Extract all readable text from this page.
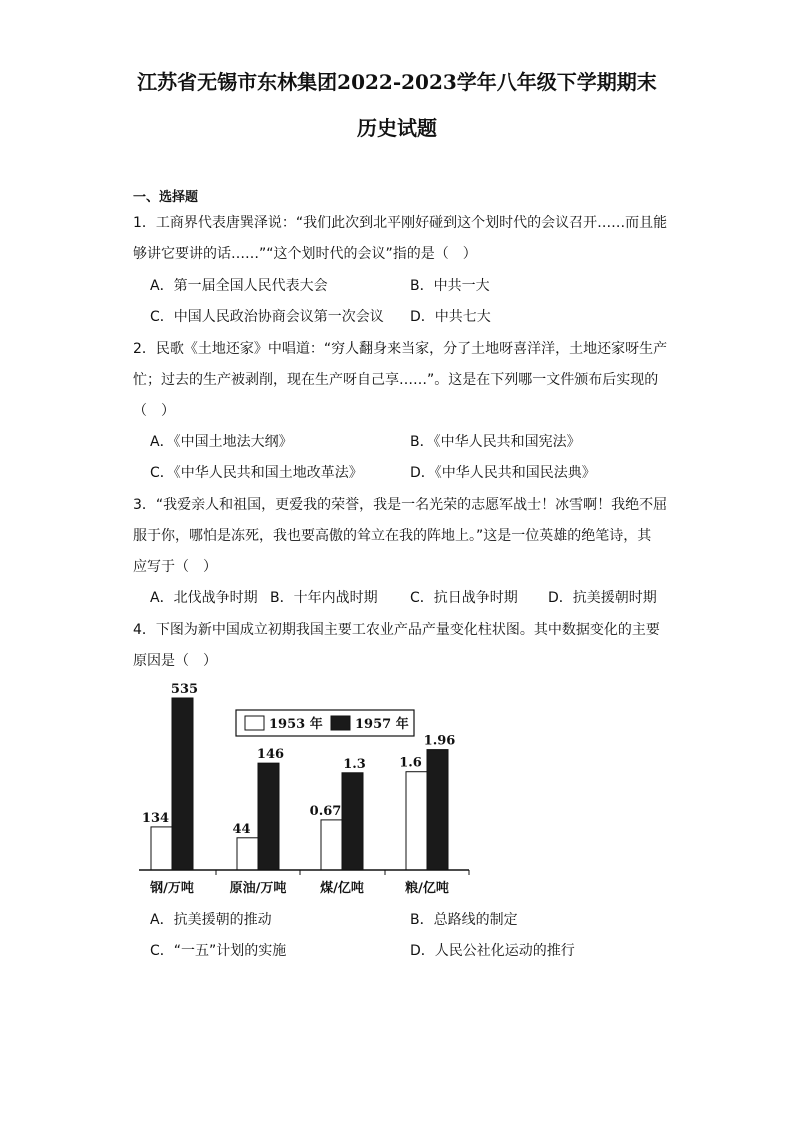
江苏省无锡市东林集团2022-2023学年八年级下学期期末
历史试题
一、选择题
1．工商界代表唐巽泽说：“我们此次到北平刚好碰到这个划时代的会议召开……而且能
够讲它要讲的话……”“这个划时代的会议”指的是（　）
A．第一届全国人民代表大会	B．中共一大
C．中国人民政治协商会议第一次会议 D．中共七大
2．民歌《土地还家》中唱道：“穷人翻身来当家，分了土地呀喜洋洋，土地还家呀生产
忙；过去的生产被剥削，现在生产呀自己享……”。这是在下列哪一文件颁布后实现的
（　）
A．《中国土地法大纲》	B．《中华人民共和国宪法》
C．《中华人民共和国土地改革法》	D．《中华人民共和国民法典》
3．“我爱亲人和祖国，更爱我的荣誉，我是一名光荣的志愿军战士！冰雪啊！我绝不屈
服于你，哪怕是冻死，我也要高傲的耸立在我的阵地上。”这是一位英雄的绝笔诗，其
应写于（　）
A．北伐战争时期 B．十年内战时期 C．抗日战争时期 D．抗美援朝时期
4．下图为新中国成立初期我国主要工农业产品产量变化柱状图。其中数据变化的主要
原因是（　）
134
535
钢/万吨
44
146
原油/万吨
0.67
1.3
煤/亿吨
1.6
1.96
粮/亿吨
1953 年 1957 年
A．抗美援朝的推动	B．总路线的制定
C．“一五”计划的实施	D．人民公社化运动的推行
